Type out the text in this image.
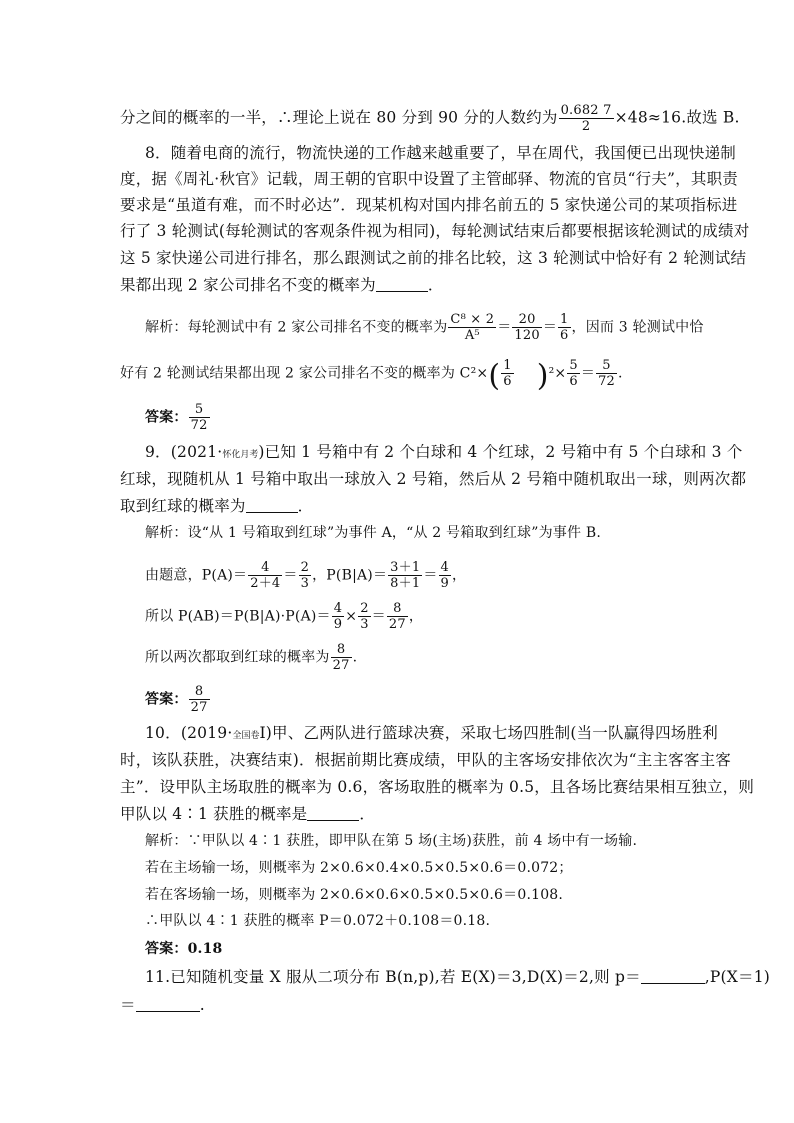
分之间的概率的一半，∴理论上说在 80 分到 90 分的人数约为 $\frac{0.682 7}{2} \times 48\approx 16$.故选 B.
8．随着电商的流行，物流快递的工作越来越重要了，早在周代，我国便已出现快递制
度，据《周礼·秋官》记载，周王朝的官职中设置了主管邮驿、物流的官员“行夫”，其职责
要求是“虽道有难，而不时必达”．现某机构对国内排名前五的 5 家快递公司的某项指标进
行了 3 轮测试(每轮测试的客观条件视为相同)，每轮测试结束后都要根据该轮测试的成绩对
这 5 家快递公司进行排名，那么跟测试之前的排名比较，这 3 轮测试中恰好有 2 轮测试结
果都出现 2 家公司排名不变的概率为	．
解析：每轮测试中有 2 家公司排名不变的概率为 $\frac{\text{C⁸ × 2}}{\text{A⁵}} = \frac{20}{120} = \frac{1}{6}$ ，因而 3 轮测试中恰
好有 2 轮测试结果都出现 2 家公司排名不变的概率为 $C^2\times( \frac{1}{6} )^2\times \frac{5}{6} = \frac{5}{72}$ .
答案： $\frac{5}{72}$
9．(2021·怀化月考)已知 1 号箱中有 2 个白球和 4 个红球，2 号箱中有 5 个白球和 3 个
红球，现随机从 1 号箱中取出一球放入 2 号箱，然后从 2 号箱中随机取出一球，则两次都
取到红球的概率为	．
解析：设“从 1 号箱取到红球”为事件 A，“从 2 号箱取到红球”为事件 B.
由题意，$P(A)= \frac{4}{2+4} = \frac{2}{3}$ ，$P(B|A)= \frac{3+1}{8+1} = \frac{4}{9}$ ，
所以 $P(AB)=P(B|A)\cdot P(A)= \frac{4}{9} \times \frac{2}{3} = \frac{8}{27}$ ，
所以两次都取到红球的概率为 $\frac{8}{27}$ .
答案： $\frac{8}{27}$
10．(2019·全国卷Ⅰ)甲、乙两队进行篮球决赛，采取七场四胜制(当一队赢得四场胜利
时，该队获胜，决赛结束)．根据前期比赛成绩，甲队的主客场安排依次为“主主客客主客
主”．设甲队主场取胜的概率为 0.6，客场取胜的概率为 0.5，且各场比赛结果相互独立，则
甲队以 4∶1 获胜的概率是	．
解析：∵甲队以 4∶1 获胜，即甲队在第 5 场(主场)获胜，前 4 场中有一场输.
若在主场输一场，则概率为 2×0.6×0.4×0.5×0.5×0.6＝0.072；
若在客场输一场，则概率为 2×0.6×0.6×0.5×0.5×0.6＝0.108.
∴甲队以 4∶1 获胜的概率 P＝0.072＋0.108＝0.18.
答案：0.18
11.已知随机变量 X 服从二项分布 B(n,p),若 E(X)＝3,D(X)＝2,则 p＝	,P(X＝1)
＝	.
